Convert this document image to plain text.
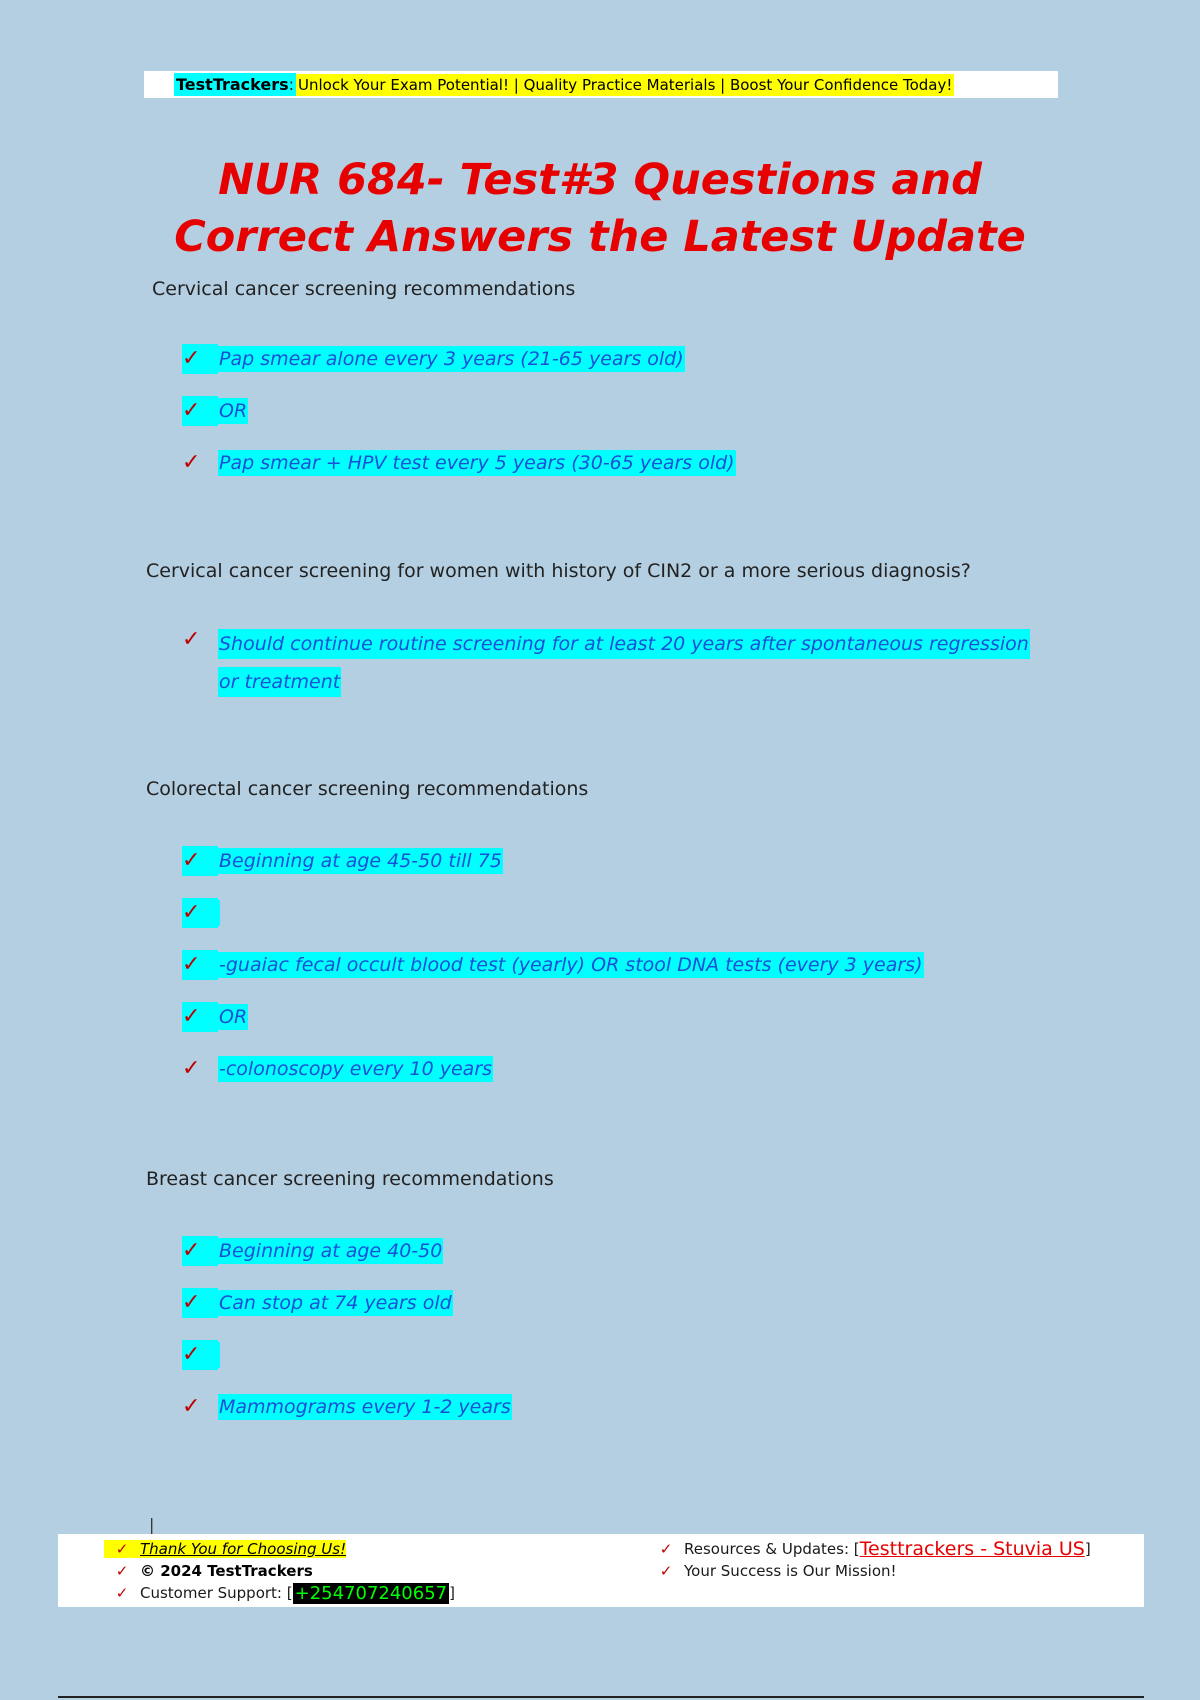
TestTrackers : Unlock Your Exam Potential! | Quality Practice Materials | Boost Your Confidence Today!
NUR 684- Test#3 Questions and Correct Answers the Latest Update

Cervical cancer screening recommendations

✓ Pap smear alone every 3 years (21-65 years old)
✓ OR
✓ Pap smear + HPV test every 5 years (30-65 years old)

Cervical cancer screening for women with history of CIN2 or a more serious diagnosis?

✓ Should continue routine screening for at least 20 years after spontaneous regression or treatment

Colorectal cancer screening recommendations

✓ Beginning at age 45-50 till 75
✓
✓ -guaiac fecal occult blood test (yearly) OR stool DNA tests (every 3 years)
✓ OR
✓ -colonoscopy every 10 years

Breast cancer screening recommendations

✓ Beginning at age 40-50
✓ Can stop at 74 years old
✓
✓ Mammograms every 1-2 years
|
✓ Thank You for Choosing Us!
✓ © 2024 TestTrackers
✓ Customer Support: [ +254707240657 ]
✓ Resources & Updates: [ Testtrackers - Stuvia US ]
✓ Your Success is Our Mission!
